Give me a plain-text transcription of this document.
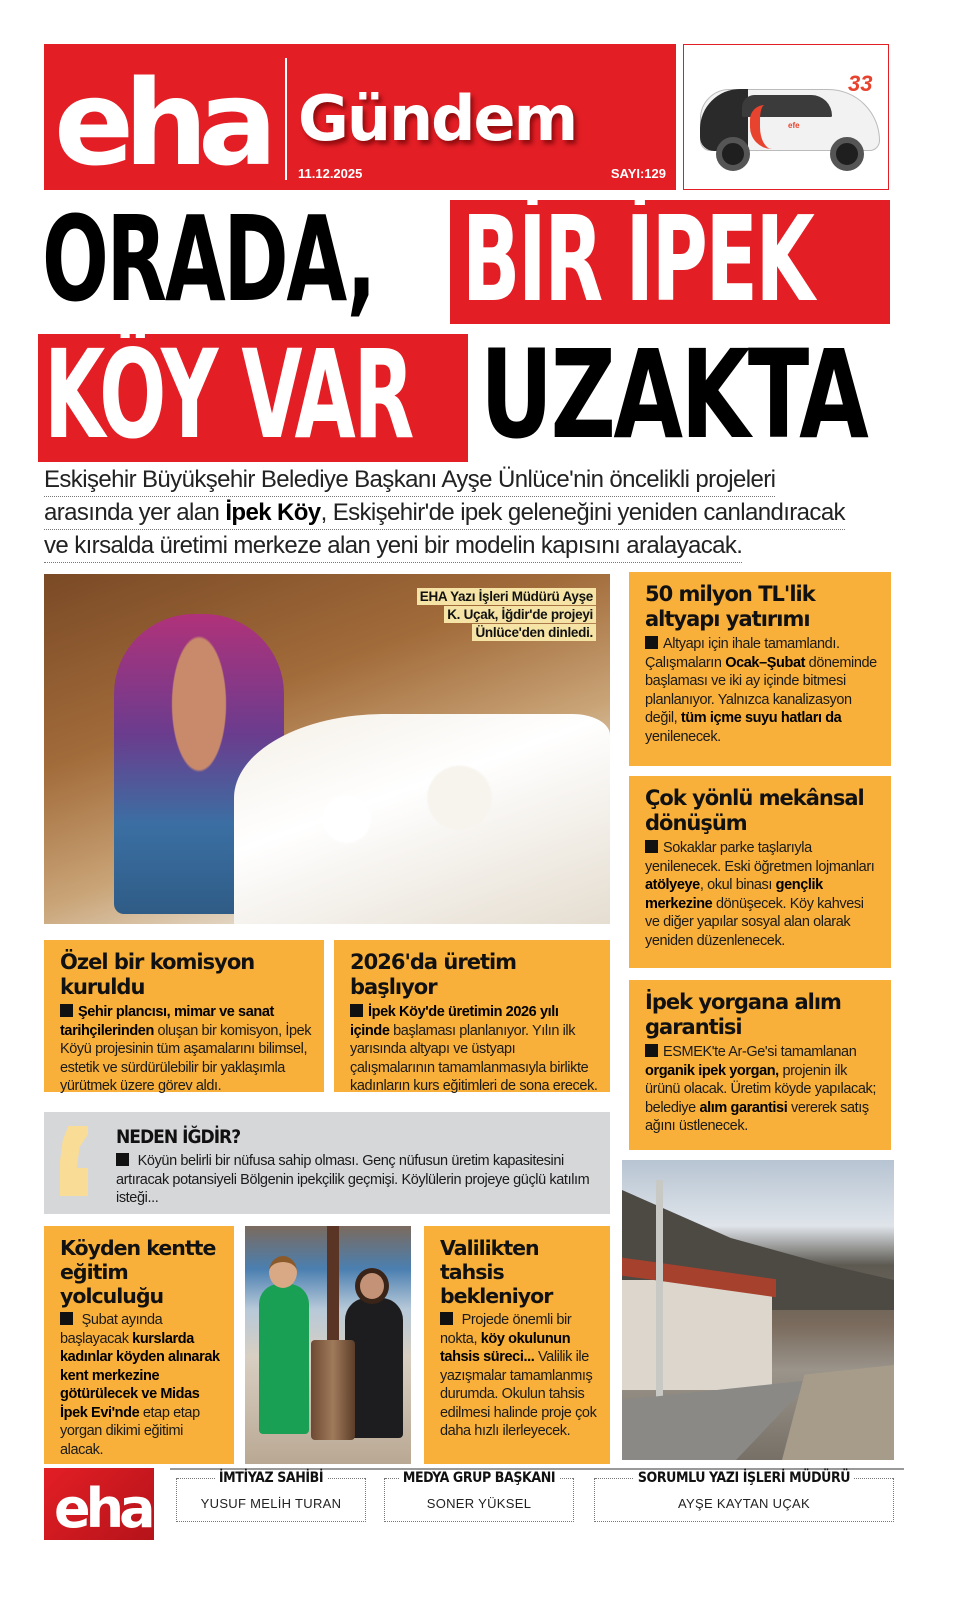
eha Gündem
11.12.2025	SAYI:129
efe
33
ORADA, BİR İPEK
KÖY VAR UZAKTA
Eskişehir Büyükşehir Belediye Başkanı Ayşe Ünlüce'nin öncelikli projeleri
arasında yer alan İpek Köy, Eskişehir'de ipek geleneğini yeniden canlandıracak
ve kırsalda üretimi merkeze alan yeni bir modelin kapısını aralayacak.
EHA Yazı İşleri Müdürü Ayşe
K. Uçak, İğdir'de projeyi
Ünlüce'den dinledi.
50 milyon TL'lik altyapı yatırımı

Altyapı için ihale tamamlandı. Çalışmaların Ocak–Şubat döneminde başlaması ve iki ay içinde bitmesi planlanıyor. Yalnızca kanalizasyon değil, tüm içme suyu hatları da yenilenecek.

Çok yönlü mekânsal dönüşüm

Sokaklar parke taşlarıyla yenilenecek. Eski öğretmen lojmanları atölyeye, okul binası gençlik merkezine dönüşecek. Köy kahvesi ve diğer yapılar sosyal alan olarak yeniden düzenlenecek.

İpek yorgana alım garantisi

ESMEK'te Ar-Ge'si tamamlanan organik ipek yorgan, projenin ilk ürünü olacak. Üretim köyde yapılacak; belediye alım garantisi vererek satış ağını üstlenecek.

Özel bir komisyon kuruldu

Şehir plancısı, mimar ve sanat tarihçilerinden oluşan bir komisyon, İpek Köyü projesinin tüm aşamalarını bilimsel, estetik ve sürdürülebilir bir yaklaşımla yürütmek üzere görev aldı.

2026'da üretim başlıyor

İpek Köy'de üretimin 2026 yılı içinde başlaması planlanıyor. Yılın ilk yarısında altyapı ve üstyapı çalışmalarının tamamlanmasıyla birlikte kadınların kurs eğitimleri de sona erecek.

NEDEN İĞDİR?
Köyün belirli bir nüfusa sahip olması. Genç nüfusun üretim kapasitesini artıracak potansiyeli Bölgenin ipekçilik geçmişi. Köylülerin projeye güçlü katılım isteği...
Köyden kentte eğitim yolculuğu

Şubat ayında başlayacak kurslarda kadınlar köyden alınarak kent merkezine götürülecek ve Midas İpek Evi'nde etap etap yorgan dikimi eğitimi alacak.

Valilikten tahsis bekleniyor

Projede önemli bir nokta, köy okulunun tahsis süreci... Valilik ile yazışmalar tamamlanmış durumda. Okulun tahsis edilmesi halinde proje çok daha hızlı ilerleyecek.

eha	İMTİYAZ SAHİBİ
YUSUF MELİH TURAN
MEDYA GRUP BAŞKANI
SONER YÜKSEL
SORUMLU YAZI İŞLERİ MÜDÜRÜ
AYŞE KAYTAN UÇAK
